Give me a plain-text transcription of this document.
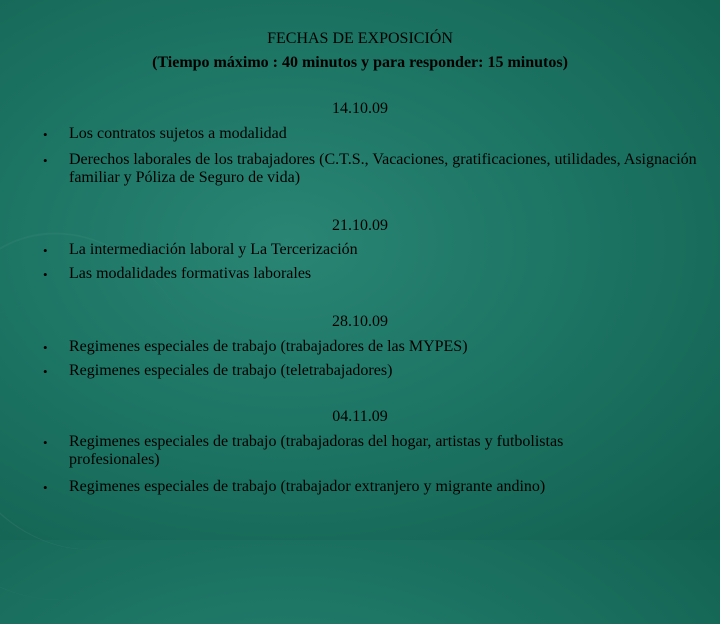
FECHAS DE EXPOSICIÓN
(Tiempo máximo : 40 minutos y para responder: 15 minutos)
14.10.09
• Los contratos sujetos a modalidad
• Derechos laborales de los trabajadores (C.T.S., Vacaciones, gratificaciones, utilidades, Asignación familiar y Póliza de Seguro de vida)
21.10.09
• La intermediación laboral y La Tercerización
• Las modalidades formativas laborales
28.10.09
• Regimenes especiales de trabajo (trabajadores de las MYPES)
• Regimenes especiales de trabajo (teletrabajadores)
04.11.09
• Regimenes especiales de trabajo (trabajadoras del hogar, artistas y futbolistas profesionales)
• Regimenes especiales de trabajo (trabajador extranjero y migrante andino)
